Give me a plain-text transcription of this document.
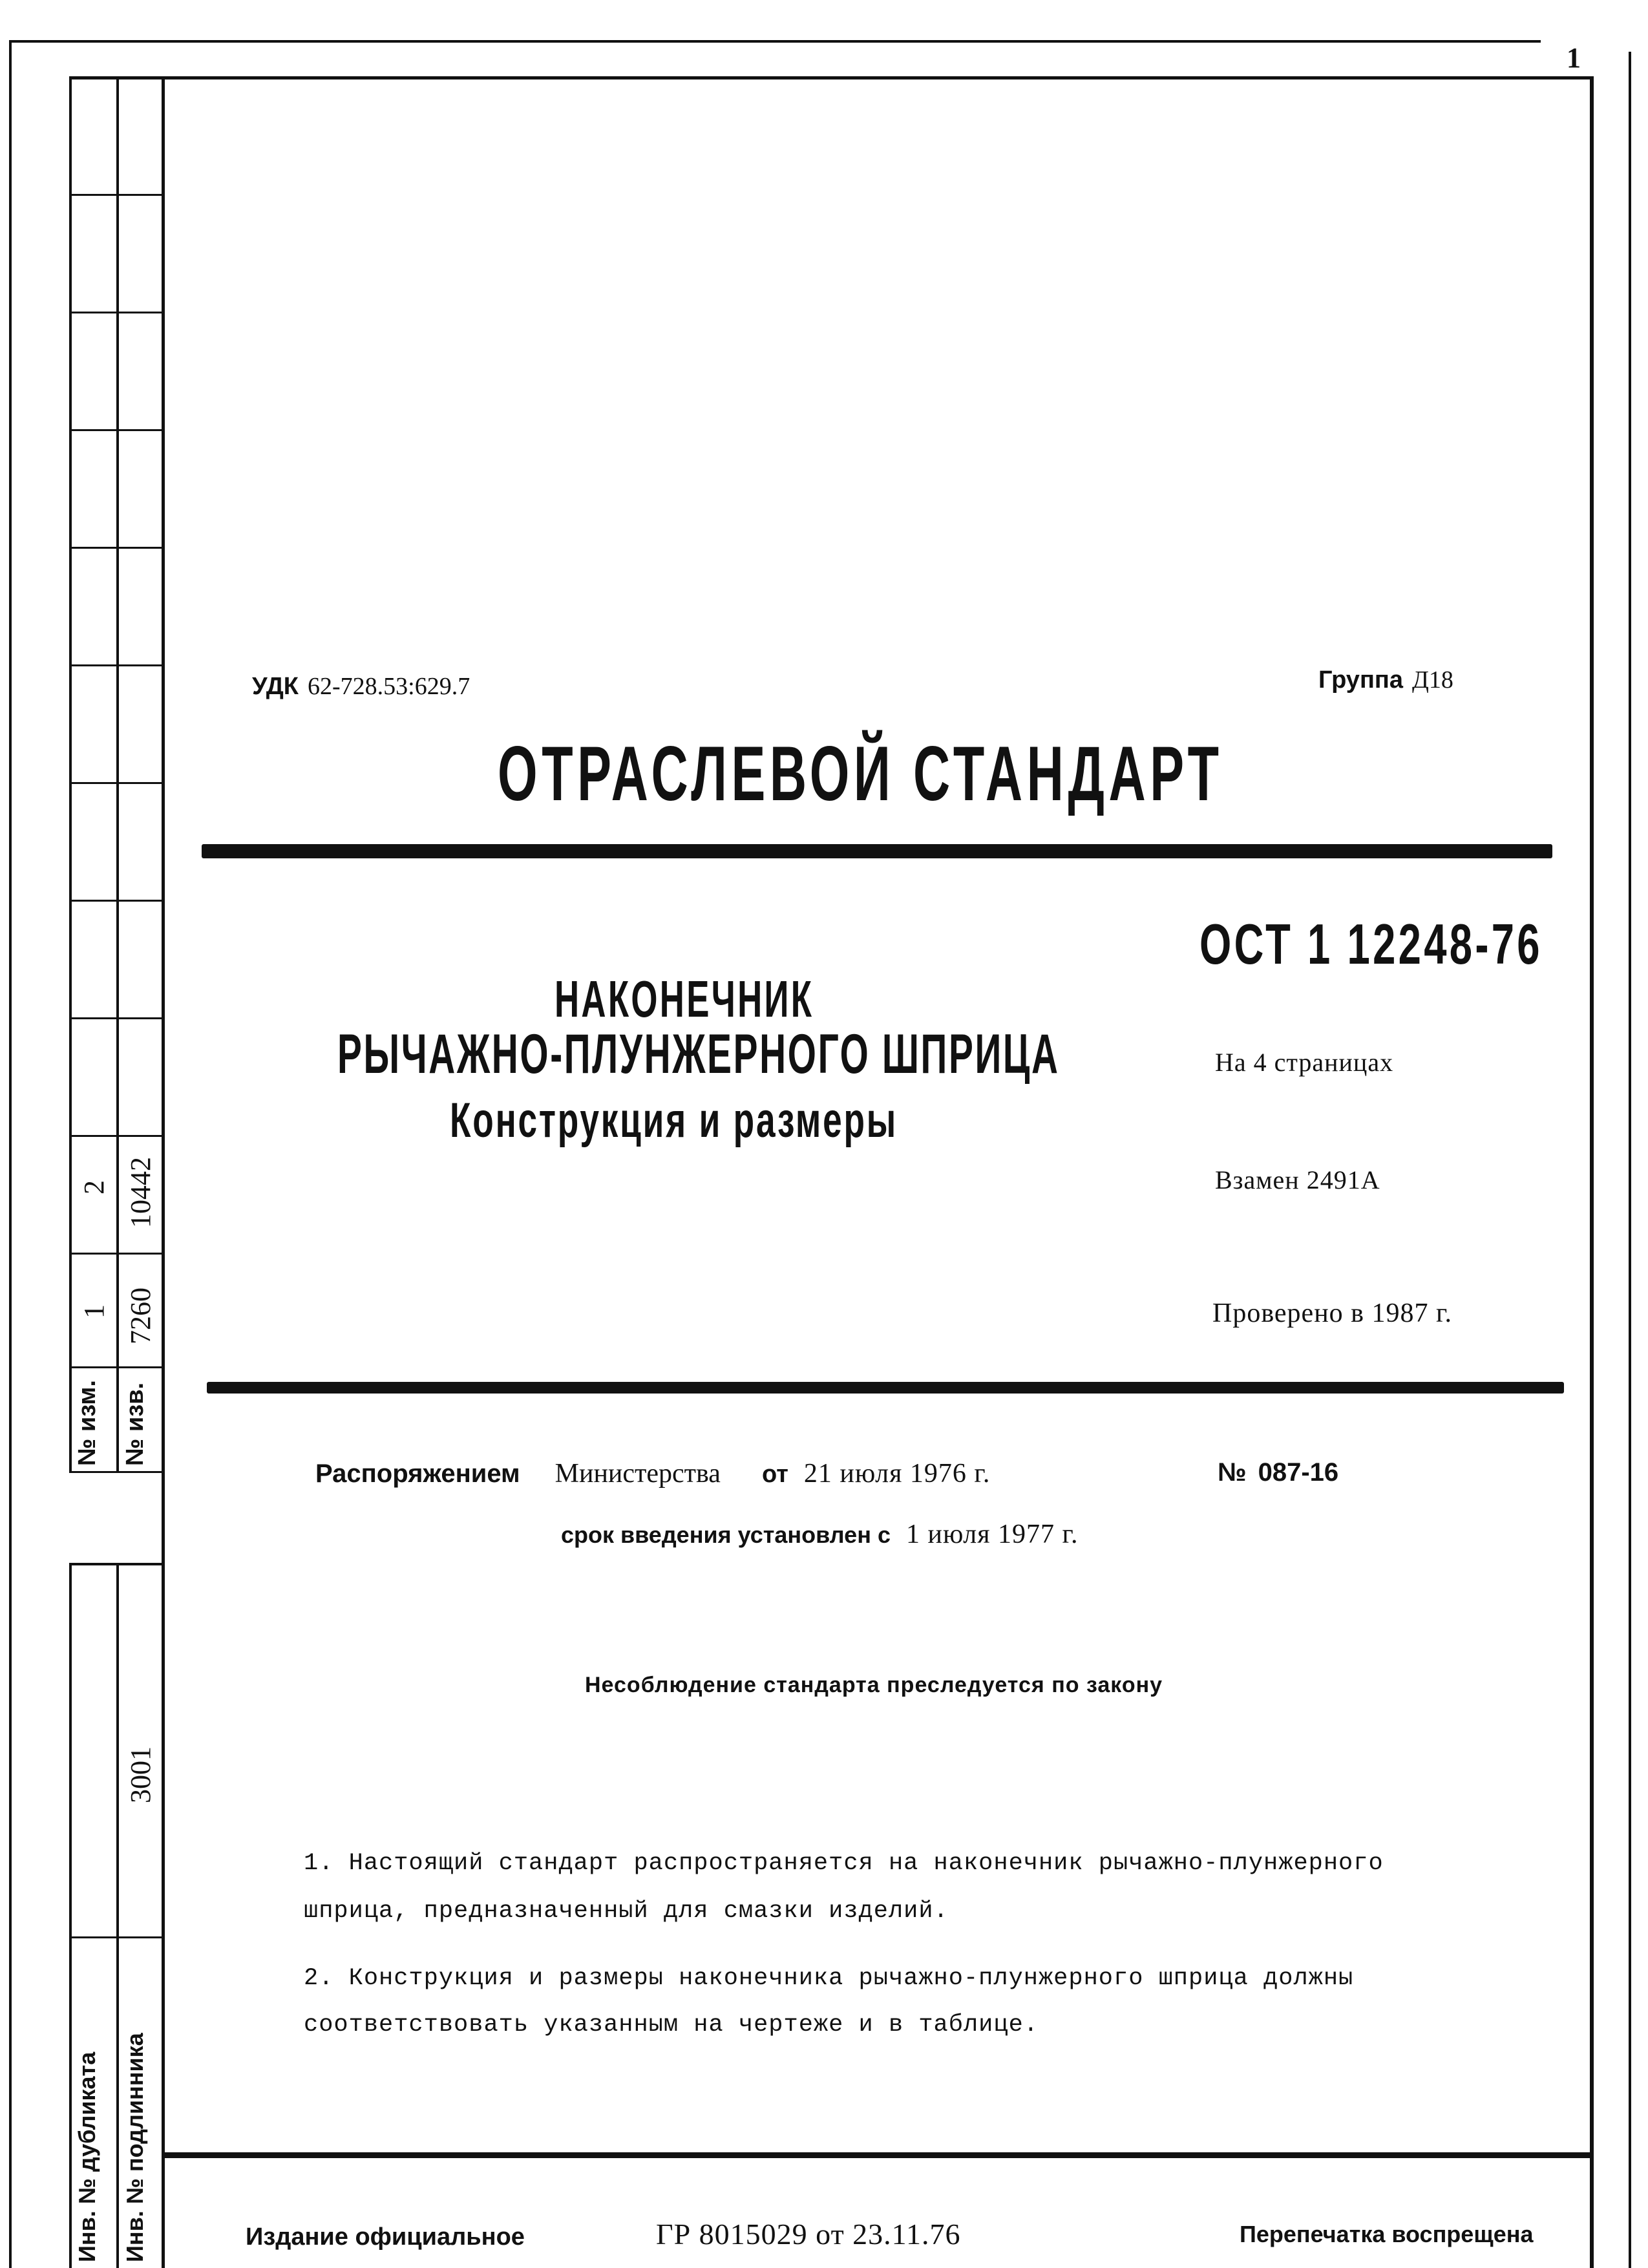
1
№ изм. № изв.
1 7260
2 10442
3001
Инв. № дубликата Инв. № подлинника
УДК 62-728.53:629.7	Группа Д18
ОТРАСЛЕВОЙ СТАНДАРТ
ОСТ 1 12248-76
НАКОНЕЧНИК
РЫЧАЖНО-ПЛУНЖЕРНОГО ШПРИЦА
Конструкция и размеры
На 4 страницах
Взамен 2491А
Проверено в 1987 г.
Распоряжением Министерства от 21 июля 1976 г.	№ 087-16
срок введения установлен с 1 июля 1977 г.
Несоблюдение стандарта преследуется по закону
1. Настоящий стандарт распространяется на наконечник рычажно-плунжерного
шприца, предназначенный для смазки изделий.
2. Конструкция и размеры наконечника рычажно-плунжерного шприца должны
соответствовать указанным на чертеже и в таблице.
Издание официальное	ГР 8015029 от 23.11.76	Перепечатка воспрещена
